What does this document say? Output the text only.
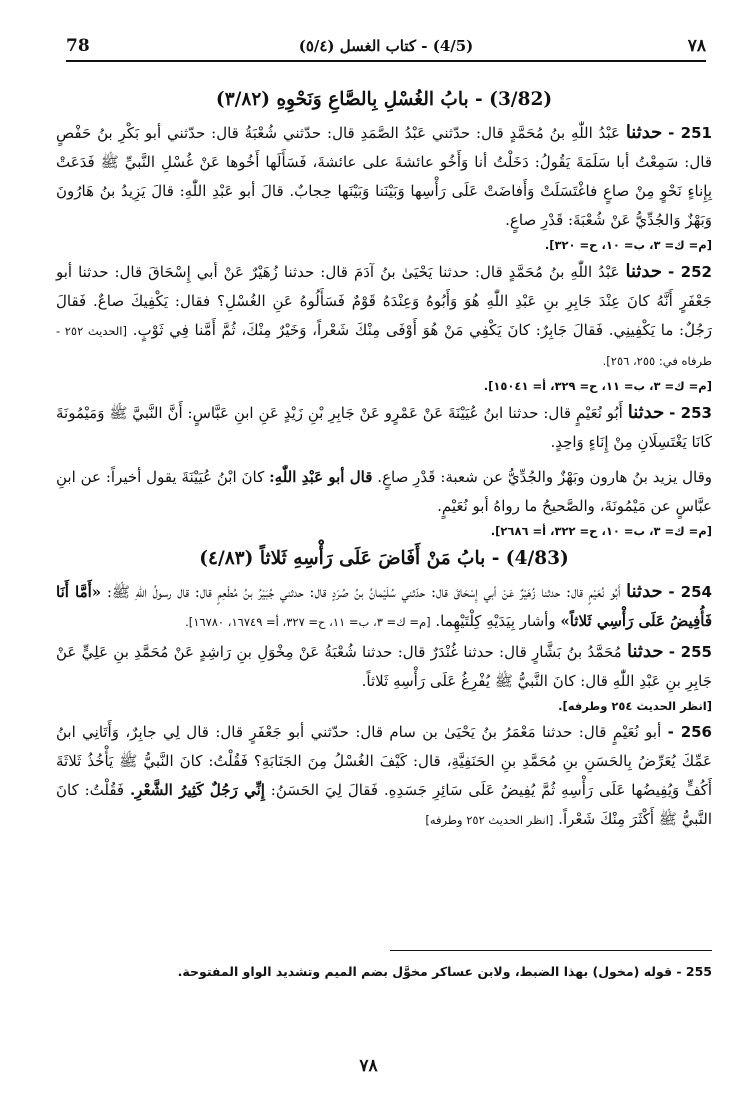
78	(4/5) - كتاب الغسل (٥/٤)	٧٨
(3/82) - بابُ الغُسْلِ بِالصَّاعِ وَنَحْوِهِ (٣/٨٢)

251 - حدثنا عَبْدُ اللّٰهِ بنُ مُحَمَّدٍ قال: حدّثني عَبْدُ الصَّمَدِ قال: حدّثني شُعْبَةُ قال: حدّثني أبو بَكْرِ بنُ حَفْصٍ قال: سَمِعْتُ أبا سَلَمَةَ يَقُولُ: دَخَلْتُ أنا وَأَخُو عائشةَ على عائشةَ، فَسَأَلَها أَخُوها عَنْ غُسْلِ النَّبيِّ ﷺ فَدَعَتْ بِإِناءٍ نَحْوٍ مِنْ صاعٍ فاغْتَسَلَتْ وَأَفاضَتْ عَلَى رَأْسِها وَبَيْنَنا وَبَيْنَها حِجابٌ. قالَ أبو عَبْدِ اللّٰهِ: قالَ يَزِيدُ بنُ هَارُونَ وَبَهْزٌ وَالجُدِّيُّ عَنْ شُعْبَةَ: قَدْرِ صاعٍ.

[م= ك= ٣، ب= ١٠، ح= ٣٢٠].

252 - حدثنا عَبْدُ اللّٰهِ بنُ مُحَمَّدٍ قال: حدثنا يَحْيَىٰ بنُ آدَمَ قال: حدثنا زُهَيْرٌ عَنْ أبي إِسْحَاقَ قال: حدثنا أبو جَعْفَرٍ أَنَّهُ كانَ عِنْدَ جَابِرِ بنِ عَبْدِ اللّٰهِ هُوَ وَأَبُوهُ وَعِنْدَهُ قَوْمٌ فَسَأَلُوهُ عَنِ الغُسْلِ؟ فقال: يَكْفِيكَ صاعٌ. فَقالَ رَجُلٌ: ما يَكْفِينِي. فَقالَ جَابِرٌ: كانَ يَكْفِي مَنْ هُوَ أَوْفَى مِنْكَ شَعْراً، وَخَيْرٌ مِنْكَ، ثُمَّ أَمَّنا فِي ثَوْبٍ. [الحديث ٢٥٢ - طرفاه في: ٢٥٥، ٢٥٦].

[م= ك= ٣، ب= ١١، ح= ٣٢٩، أ= ١٥٠٤١].

253 - حدثنا أَبُو نُعَيْمٍ قال: حدثنا ابنُ عُيَيْنَةَ عَنْ عَمْرٍو عَنْ جَابِرِ بْنِ زَيْدٍ عَنِ ابنِ عَبَّاسٍ: أَنَّ النَّبيَّ ﷺ وَمَيْمُونَةَ كَانَا يَغْتَسِلَانِ مِنْ إِنَاءٍ وَاحِدٍ.

وقال يزيد بنُ هارون وبَهْزٌ والجُدِّيُّ عن شعبة: قَدْرِ صاعٍ. قال أبو عَبْدِ اللّٰهِ: كانَ ابْنُ عُيَيْنَةَ يقول أخيراً: عن ابنِ عبَّاسٍ عن مَيْمُونَةَ، والصَّحيحُ ما رواهُ أبو نُعَيْمٍ.

[م= ك= ٣، ب= ١٠، ح= ٣٢٢، أ= ٢٦٨٦].
(4/83) - بابُ مَنْ أَفَاضَ عَلَى رَأْسِهِ ثَلاثاً (٤/٨٣)

254 - حدثنا أَبُو نُعَيْمٍ قال: حدثنا زُهَيْرٌ عَنْ أبي إِسْحَاقَ قال: حدّثني سُلَيْمانُ بنُ صُرَدٍ قال: حدثني جُبَيْرُ بنُ مُطْعِمٍ قال: قال رسولُ اللّٰهِ ﷺ: «أَمَّا أَنَا فَأُفِيضُ عَلَى رَأْسِي ثَلاثاً» وأشار بِيَدَيْهِ كِلْتَيْهِما. [م= ك= ٣، ب= ١١، ح= ٣٢٧، أ= ١٦٧٤٩، ١٦٧٨٠].

255 - حدثنا مُحَمَّدُ بنُ بَشَّارٍ قال: حدثنا غُنْدَرٌ قال: حدثنا شُعْبَةُ عَنْ مِخْوَلِ بنِ رَاشِدٍ عَنْ مُحَمَّدِ بنِ عَلِيٍّ عَنْ جَابِرِ بنِ عَبْدِ اللّٰهِ قال: كانَ النَّبيُّ ﷺ يُفْرِغُ عَلَى رَأْسِهِ ثَلاثاً.

[انظر الحديث ٢٥٤ وطرفه].

256 - أبو نُعَيْمٍ قال: حدثنا مَعْمَرُ بنُ يَحْيَىٰ بن سام قال: حدّثني أبو جَعْفَرٍ قال: قال لِي جابِرٌ، وَأَتَانِي ابنُ عَمِّكَ يُعَرِّضُ بِالحَسَنِ بنِ مُحَمَّدِ بنِ الحَنَفِيَّةِ، قال: كَيْفَ الغُسْلُ مِنَ الجَنَابَةِ؟ فَقُلْتُ: كانَ النَّبيُّ ﷺ يَأْخُذُ ثَلاثَةَ أَكُفٍّ وَيُفِيضُها عَلَى رَأْسِهِ ثُمَّ يُفِيضُ عَلَى سَائِرِ جَسَدِهِ. فَقالَ لِيَ الحَسَنُ: إِنِّي رَجُلٌ كَثِيرُ الشَّعْرِ. فَقُلْتُ: كانَ النَّبيُّ ﷺ أَكْثَرَ مِنْكَ شَعْراً. [انظر الحديث ٢٥٢ وطرفه]

255 - قوله (مخول) بهذا الضبط، ولابن عساكر مخوَّل بضم الميم وتشديد الواو المفتوحة.
٧٨
